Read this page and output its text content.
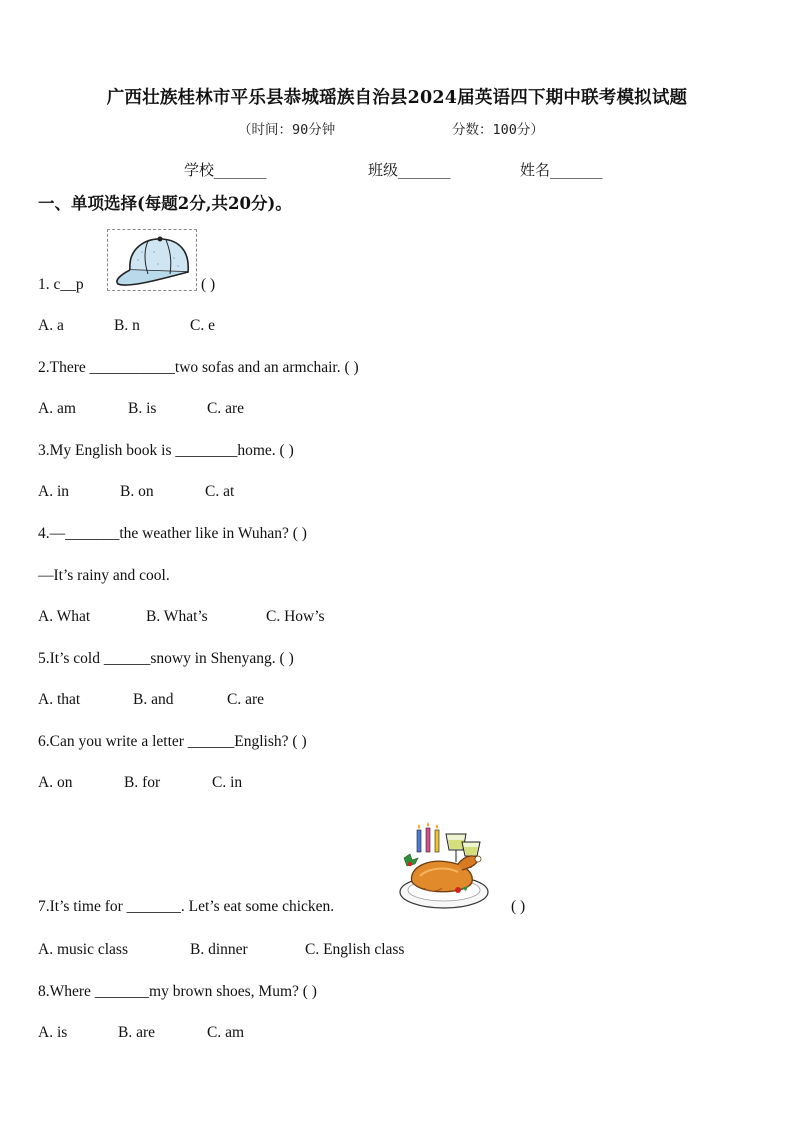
广西壮族桂林市平乐县恭城瑶族自治县2024届英语四下期中联考模拟试题
（时间：90分钟	分数：100分）
学校_______	班级_______	姓名_______
一、单项选择(每题2分,共20分)。
1. c__p	( )
A. a	B. n	C. e
2.There ___________two sofas and an armchair. ( )
A. am	B. is	C. are
3.My English book is ________home. ( )
A. in	B. on	C. at
4.—_______the weather like in Wuhan? ( )
—It’s rainy and cool.
A. What	B. What’s	C. How’s
5.It’s cold ______snowy in Shenyang. ( )
A. that	B. and	C. are
6.Can you write a letter ______English? ( )
A. on	B. for	C. in
7.It’s time for _______. Let’s eat some chicken.	( )
A. music class	B. dinner	C. English class
8.Where _______my brown shoes, Mum? ( )
A. is	B. are	C. am
